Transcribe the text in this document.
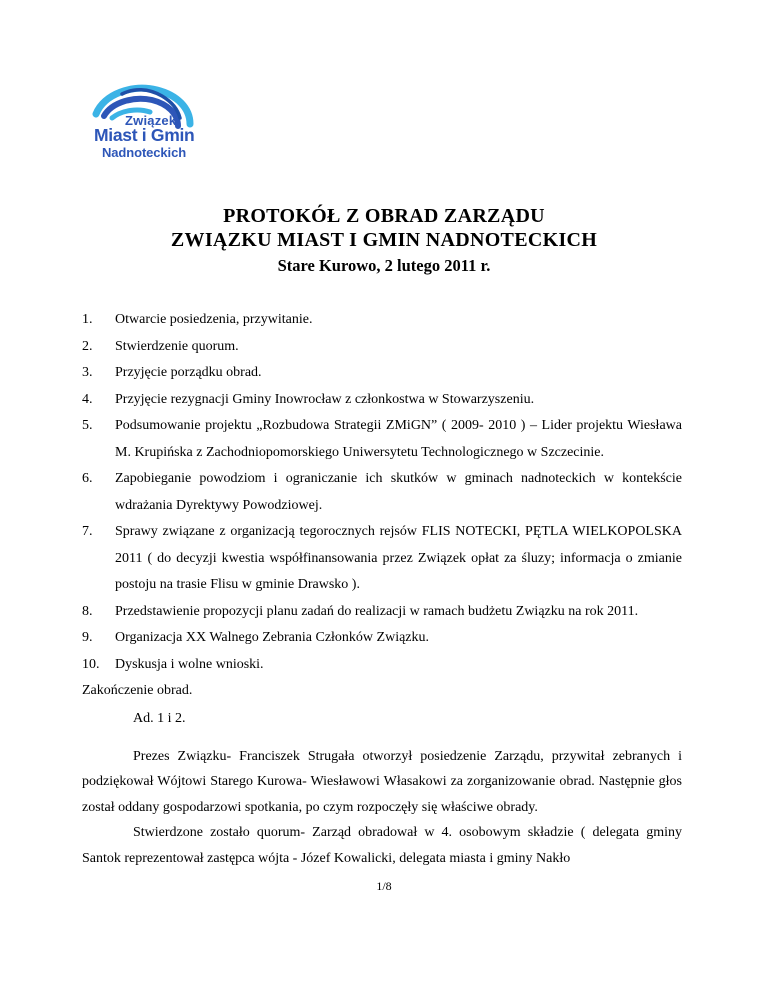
Związek
Miast i Gmin
Nadnoteckich
PROTOKÓŁ Z OBRAD ZARZĄDU
ZWIĄZKU MIAST I GMIN NADNOTECKICH
Stare Kurowo, 2 lutego 2011 r.
1.	Otwarcie posiedzenia, przywitanie.
2.	Stwierdzenie quorum.
3.	Przyjęcie porządku obrad.
4.	Przyjęcie rezygnacji Gminy Inowrocław z członkostwa w Stowarzyszeniu.
5.	Podsumowanie projektu „Rozbudowa Strategii ZMiGN” ( 2009- 2010 ) – Lider projektu Wiesława M. Krupińska z Zachodniopomorskiego Uniwersytetu Technologicznego w Szczecinie.
6.	Zapobieganie powodziom i ograniczanie ich skutków w gminach nadnoteckich w kontekście wdrażania Dyrektywy Powodziowej.
7.	Sprawy związane z organizacją tegorocznych rejsów FLIS NOTECKI, PĘTLA WIELKOPOLSKA 2011 ( do decyzji kwestia współfinansowania przez Związek opłat za śluzy; informacja o zmianie postoju na trasie Flisu w gminie Drawsko ).
8.	Przedstawienie propozycji planu zadań do realizacji w ramach budżetu Związku na rok 2011.
9.	Organizacja XX Walnego Zebrania Członków Związku.
10.	Dyskusja i wolne wnioski.
Zakończenie obrad.
Ad. 1 i 2.

Prezes Związku- Franciszek Strugała otworzył posiedzenie Zarządu, przywitał zebranych i podziękował Wójtowi Starego Kurowa- Wiesławowi Własakowi za zorganizowanie obrad. Następnie głos został oddany gospodarzowi spotkania, po czym rozpoczęły się właściwe obrady.

Stwierdzone zostało quorum- Zarząd obradował w 4. osobowym składzie ( delegata gminy Santok reprezentował zastępca wójta - Józef Kowalicki, delegata miasta i gminy Nakło

1/8
